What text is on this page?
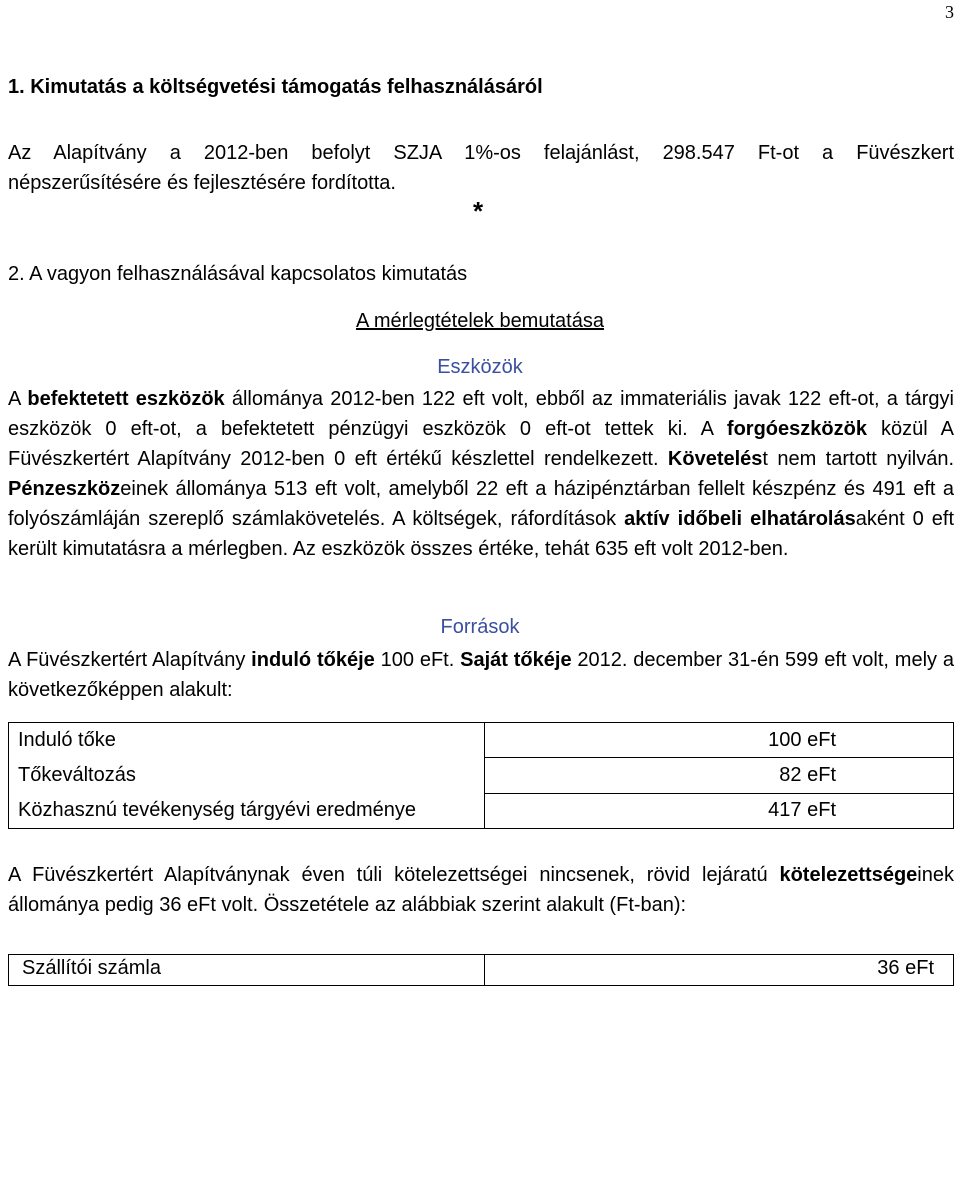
3
1. Kimutatás a költségvetési támogatás felhasználásáról
Az Alapítvány a 2012-ben befolyt SZJA 1%-os felajánlást, 298.547 Ft-ot a Füvészkert
népszerűsítésére és fejlesztésére fordította.
*
2. A vagyon felhasználásával kapcsolatos kimutatás
A mérlegtételek bemutatása
Eszközök
A befektetett eszközök állománya 2012-ben 122 eft volt, ebből az immateriális javak 122 eft-ot, a tárgyi eszközök 0 eft-ot, a befektetett pénzügyi eszközök 0 eft-ot tettek ki. A forgóeszközök közül A Füvészkertért Alapítvány 2012-ben 0 eft értékű készlettel rendelkezett. Követelést nem tartott nyilván. Pénzeszközeinek állománya 513 eft volt, amelyből 22 eft a házipénztárban fellelt készpénz és 491 eft a folyószámláján szereplő számlakövetelés. A költségek, ráfordítások aktív időbeli elhatárolásaként 0 eft került kimutatásra a mérlegben. Az eszközök összes értéke, tehát 635 eft volt 2012-ben.
Források
A Füvészkertért Alapítvány induló tőkéje 100 eFt. Saját tőkéje 2012. december 31-én 599 eft volt, mely a következőképpen alakult:
Induló tőke	100 eFt
Tőkeváltozás	82 eFt
Közhasznú tevékenység tárgyévi eredménye	417 eFt
A Füvészkertért Alapítványnak éven túli kötelezettségei nincsenek, rövid lejáratú kötelezettségeinek állománya pedig 36 eFt volt. Összetétele az alábbiak szerint alakult (Ft-ban):
Szállítói számla	36 eFt
